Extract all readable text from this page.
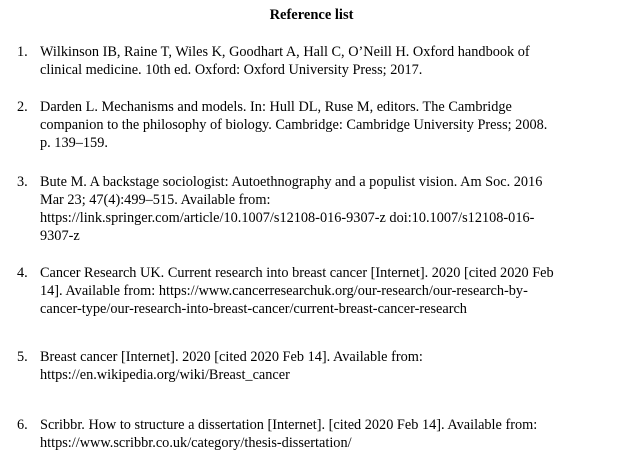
Reference list
1. Wilkinson IB, Raine T, Wiles K, Goodhart A, Hall C, O’Neill H. Oxford handbook of
clinical medicine. 10th ed. Oxford: Oxford University Press; 2017.
2. Darden L. Mechanisms and models. In: Hull DL, Ruse M, editors. The Cambridge
companion to the philosophy of biology. Cambridge: Cambridge University Press; 2008.
p. 139–159.
3. Bute M. A backstage sociologist: Autoethnography and a populist vision. Am Soc. 2016
Mar 23; 47(4):499–515. Available from:
https://link.springer.com/article/10.1007/s12108-016-9307-z doi:10.1007/s12108-016-
9307-z
4. Cancer Research UK. Current research into breast cancer [Internet]. 2020 [cited 2020 Feb
14]. Available from: https://www.cancerresearchuk.org/our-research/our-research-by-
cancer-type/our-research-into-breast-cancer/current-breast-cancer-research
5. Breast cancer [Internet]. 2020 [cited 2020 Feb 14]. Available from:
https://en.wikipedia.org/wiki/Breast_cancer
6. Scribbr. How to structure a dissertation [Internet]. [cited 2020 Feb 14]. Available from:
https://www.scribbr.co.uk/category/thesis-dissertation/
